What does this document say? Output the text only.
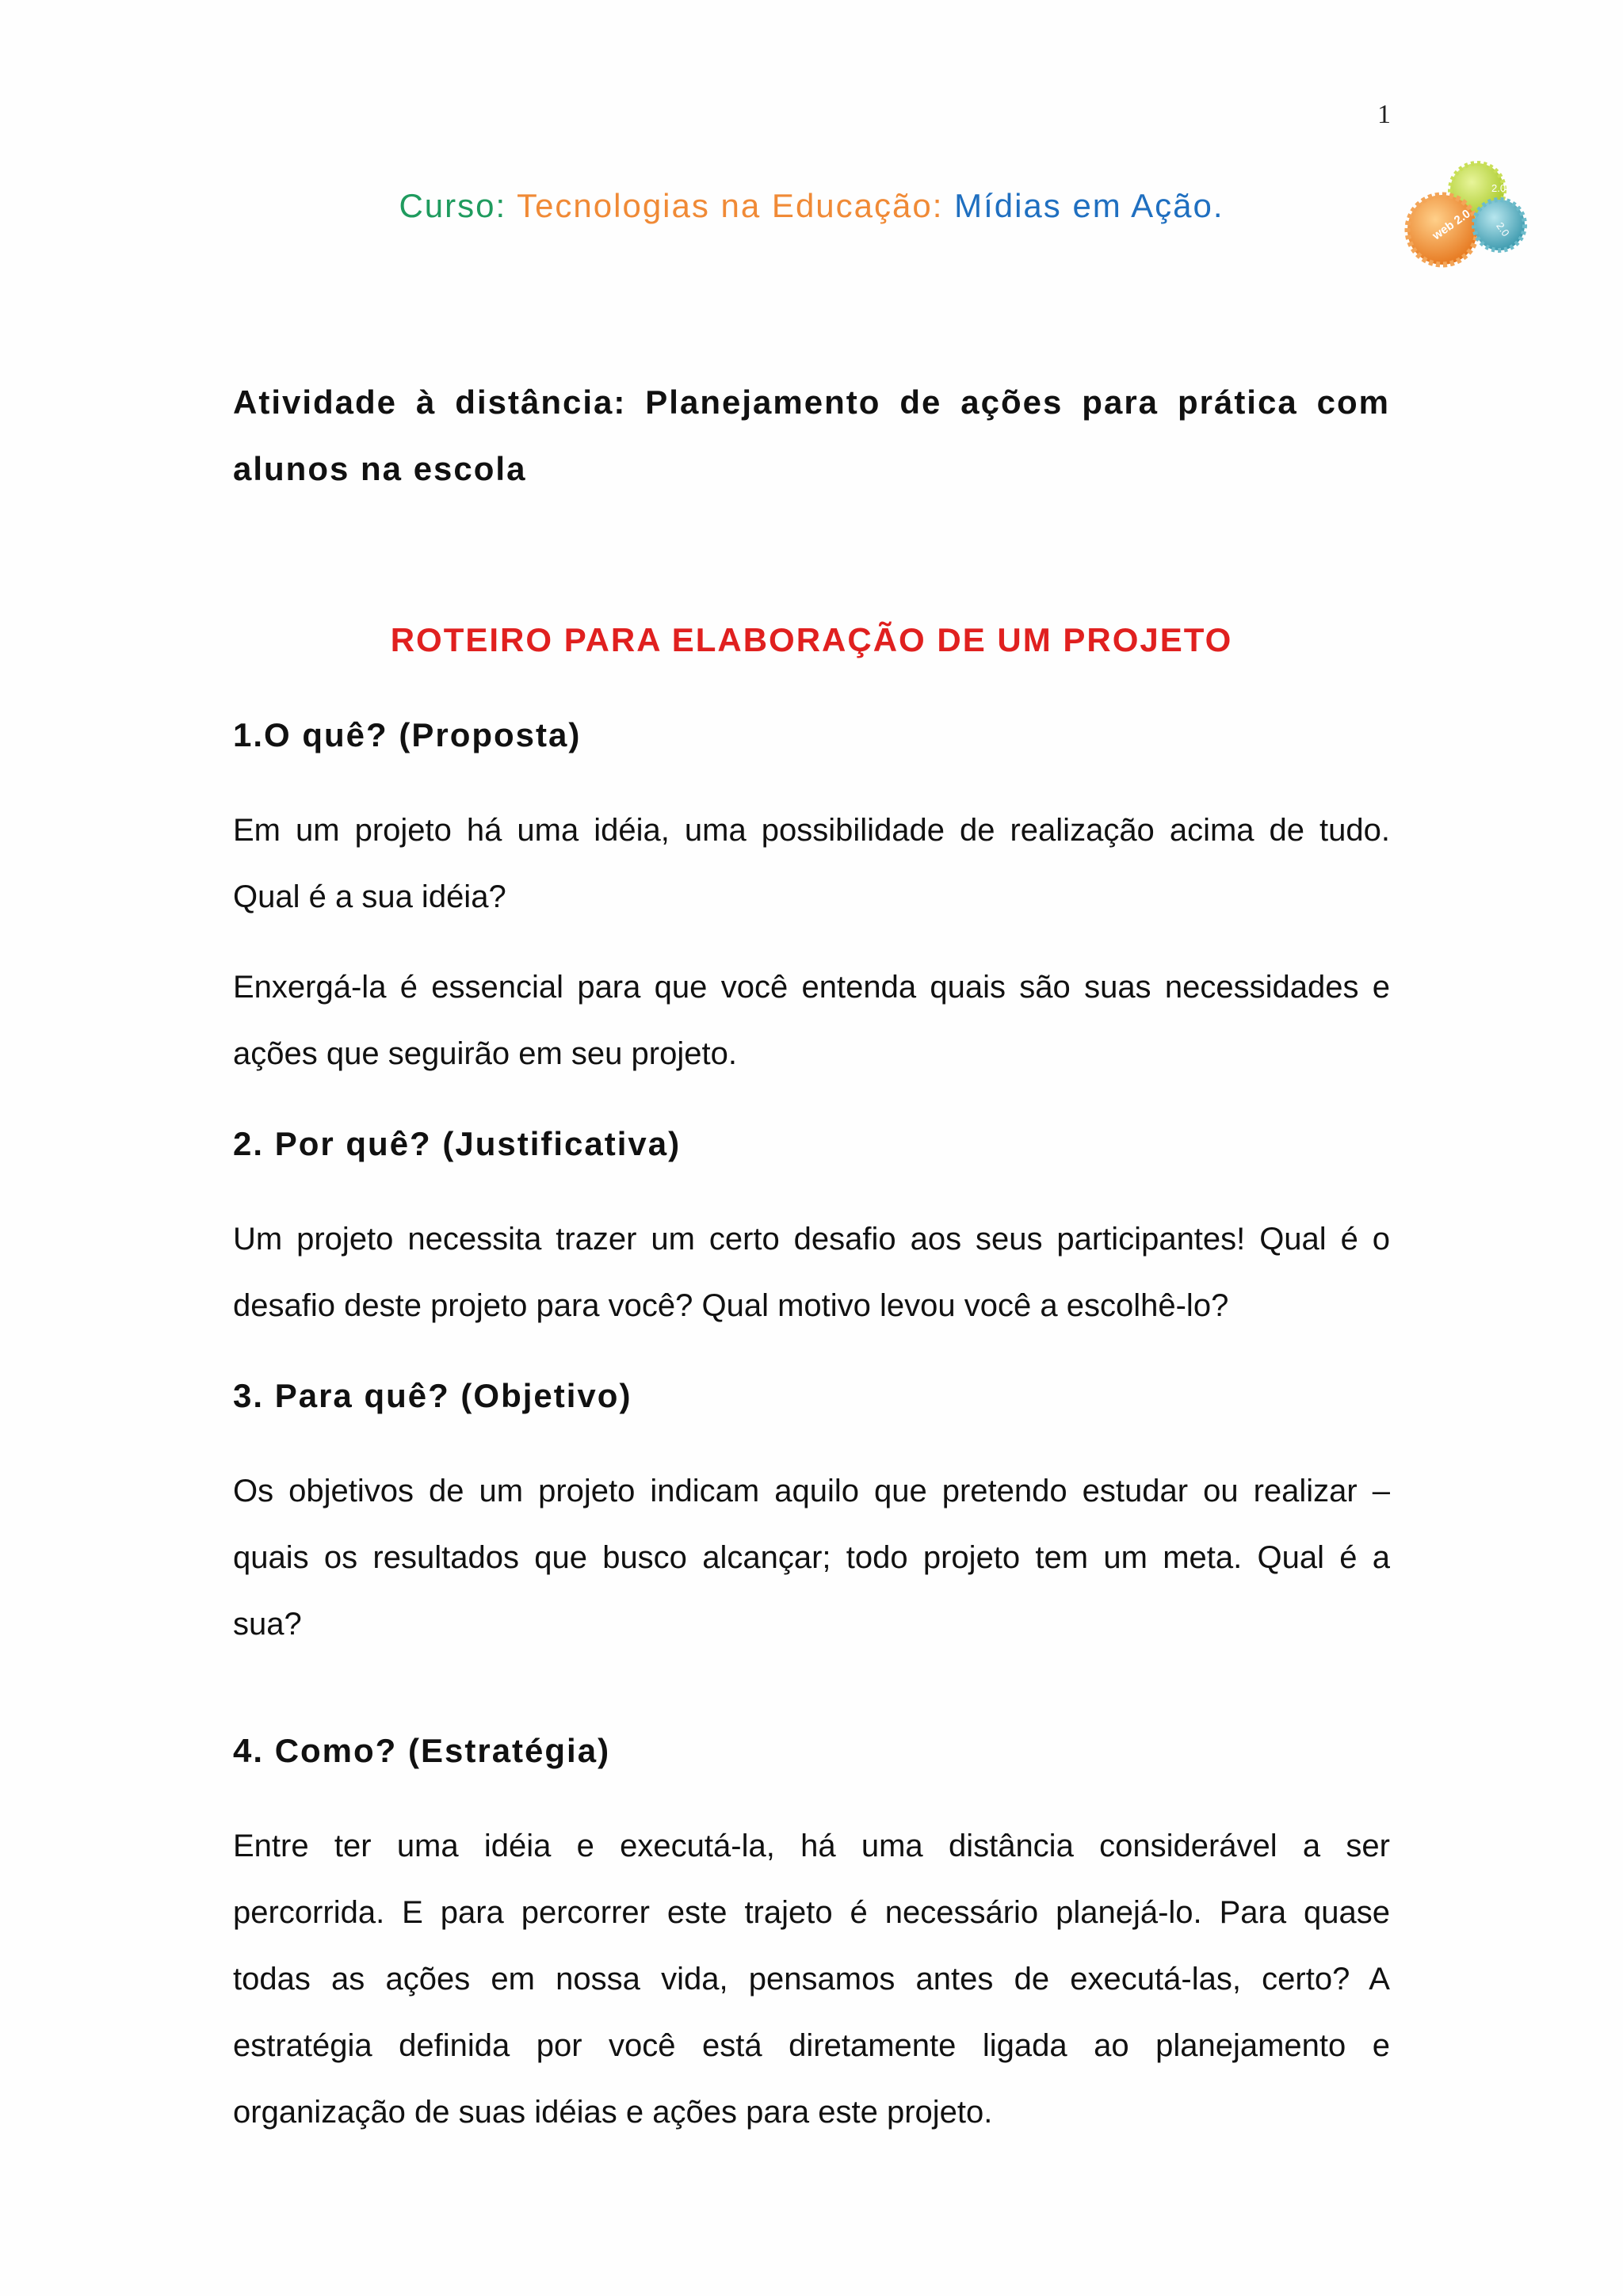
1
Curso: Tecnologias na Educação: Mídias em Ação.	2.0
web 2.0 2.0
Atividade à distância: Planejamento de ações para prática com
alunos na escola
ROTEIRO PARA ELABORAÇÃO DE UM PROJETO
1.O quê? (Proposta)
Em um projeto há uma idéia, uma possibilidade de realização acima de tudo.
Qual é a sua idéia?
Enxergá-la é essencial para que você entenda quais são suas necessidades e
ações que seguirão em seu projeto.
2. Por quê? (Justificativa)
Um projeto necessita trazer um certo desafio aos seus participantes! Qual é o
desafio deste projeto para você? Qual motivo levou você a escolhê-lo?
3. Para quê? (Objetivo)
Os objetivos de um projeto indicam aquilo que pretendo estudar ou realizar –
quais os resultados que busco alcançar; todo projeto tem um meta. Qual é a
sua?
4. Como? (Estratégia)
Entre ter uma idéia e executá-la, há uma distância considerável a ser
percorrida. E para percorrer este trajeto é necessário planejá-lo. Para quase
todas as ações em nossa vida, pensamos antes de executá-las, certo? A
estratégia definida por você está diretamente ligada ao planejamento e
organização de suas idéias e ações para este projeto.
